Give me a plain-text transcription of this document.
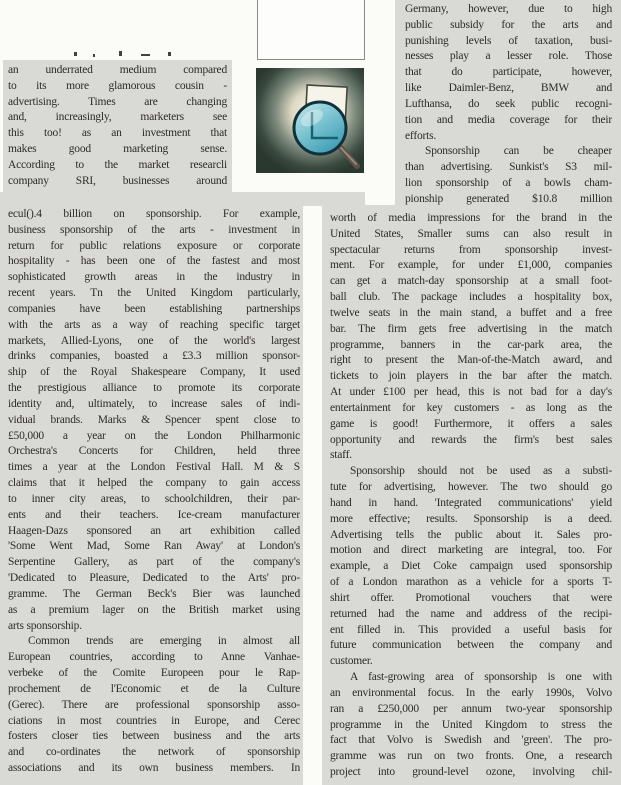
an underrated medium compared
to its more glamorous cousin -
advertising. Times are changing
and, increasingly, marketers see
this too! as an investment that
makes good marketing sense.
According to the market researcli
company SRI, businesses around
ecul().4 billion on sponsorship. For example,
business sponsorship of the arts - investment in
return for public relations exposure or corporate
hospitality - has been one of the fastest and most
sophisticated growth areas in the industry in
recent years. Tn the United Kingdom particularly,
companies have been establishing partnerships
with the arts as a way of reaching specific target
markets, Allied-Lyons, one of the world's largest
drinks companies, boasted a £3.3 million sponsor-
ship of the Royal Shakespeare Company, It used
the prestigious alliance to promote its corporate
identity and, ultimately, to increase sales of indi-
vidual brands. Marks & Spencer spent close to
£50,000 a year on the London Philharmonic
Orchestra's Concerts for Children, held three
times a year at the London Festival Hall. M & S
claims that it helped the company to gain access
to inner city areas, to schoolchildren, their par-
ents and their teachers. Ice-cream manufacturer
Haagen-Dazs sponsored an art exhibition called
'Some Went Mad, Some Ran Away' at London's
Serpentine Gallery, as part of the company's
'Dedicated to Pleasure, Dedicated to the Arts' pro-
gramme. The German Beck's Bier was launched
as a premium lager on the British market using
arts sponsorship.
Common trends are emerging in almost all
European countries, according to Anne Vanhae-
verbeke of the Comite Europeen pour le Rap-
prochement de l'Economic et de la Culture
(Gerec). There are professional sponsorship asso-
ciations in most countries in Europe, and Cerec
fosters closer ties between business and the arts
and co-ordinates the network of sponsorship
associations and its own business members. In
Germany, however, due to high
public subsidy for the arts and
punishing levels of taxation, busi-
nesses play a lesser role. Those
that do participate, however,
like Daimler-Benz, BMW and
Lufthansa, do seek public recogni-
tion and media coverage for their
efforts.
Sponsorship can be cheaper
than advertising. Sunkist's S3 mil-
lion sponsorship of a bowls cham-
pionship generated $10.8 million
worth of media impressions for the brand in the
United States, Smaller sums can also result in
spectacular returns from sponsorship invest-
ment. For example, for under £1,000, companies
can get a match-day sponsorship at a small foot-
ball club. The package includes a hospitality box,
twelve seats in the main stand, a buffet and a free
bar. The firm gets free advertising in the match
programme, banners in the car-park area, the
right to present the Man-of-the-Match award, and
tickets to join players in the bar after the match.
At under £100 per head, this is not bad for a day's
entertainment for key customers - as long as the
game is good! Furthermore, it offers a sales
opportunity and rewards the firm's best sales
staff.
Sponsorship should not be used as a substi-
tute for advertising, however. The two should go
hand in hand. 'Integrated communications' yield
more effective; results. Sponsorship is a deed.
Advertising tells the public about it. Sales pro-
motion and direct marketing are integral, too. For
example, a Diet Coke campaign used sponsorship
of a London marathon as a vehicle for a sports T-
shirt offer. Promotional vouchers that were
returned had the name and address of the recipi-
ent filled in. This provided a useful basis for
future communication between the company and
customer.
A fast-growing area of sponsorship is one with
an environmental focus. In the early 1990s, Volvo
ran a £250,000 per annum two-year sponsorship
programme in the United Kingdom to stress the
fact that Volvo is Swedish and 'green'. The pro-
gramme was run on two fronts. One, a research
project into ground-level ozone, involving chil-
